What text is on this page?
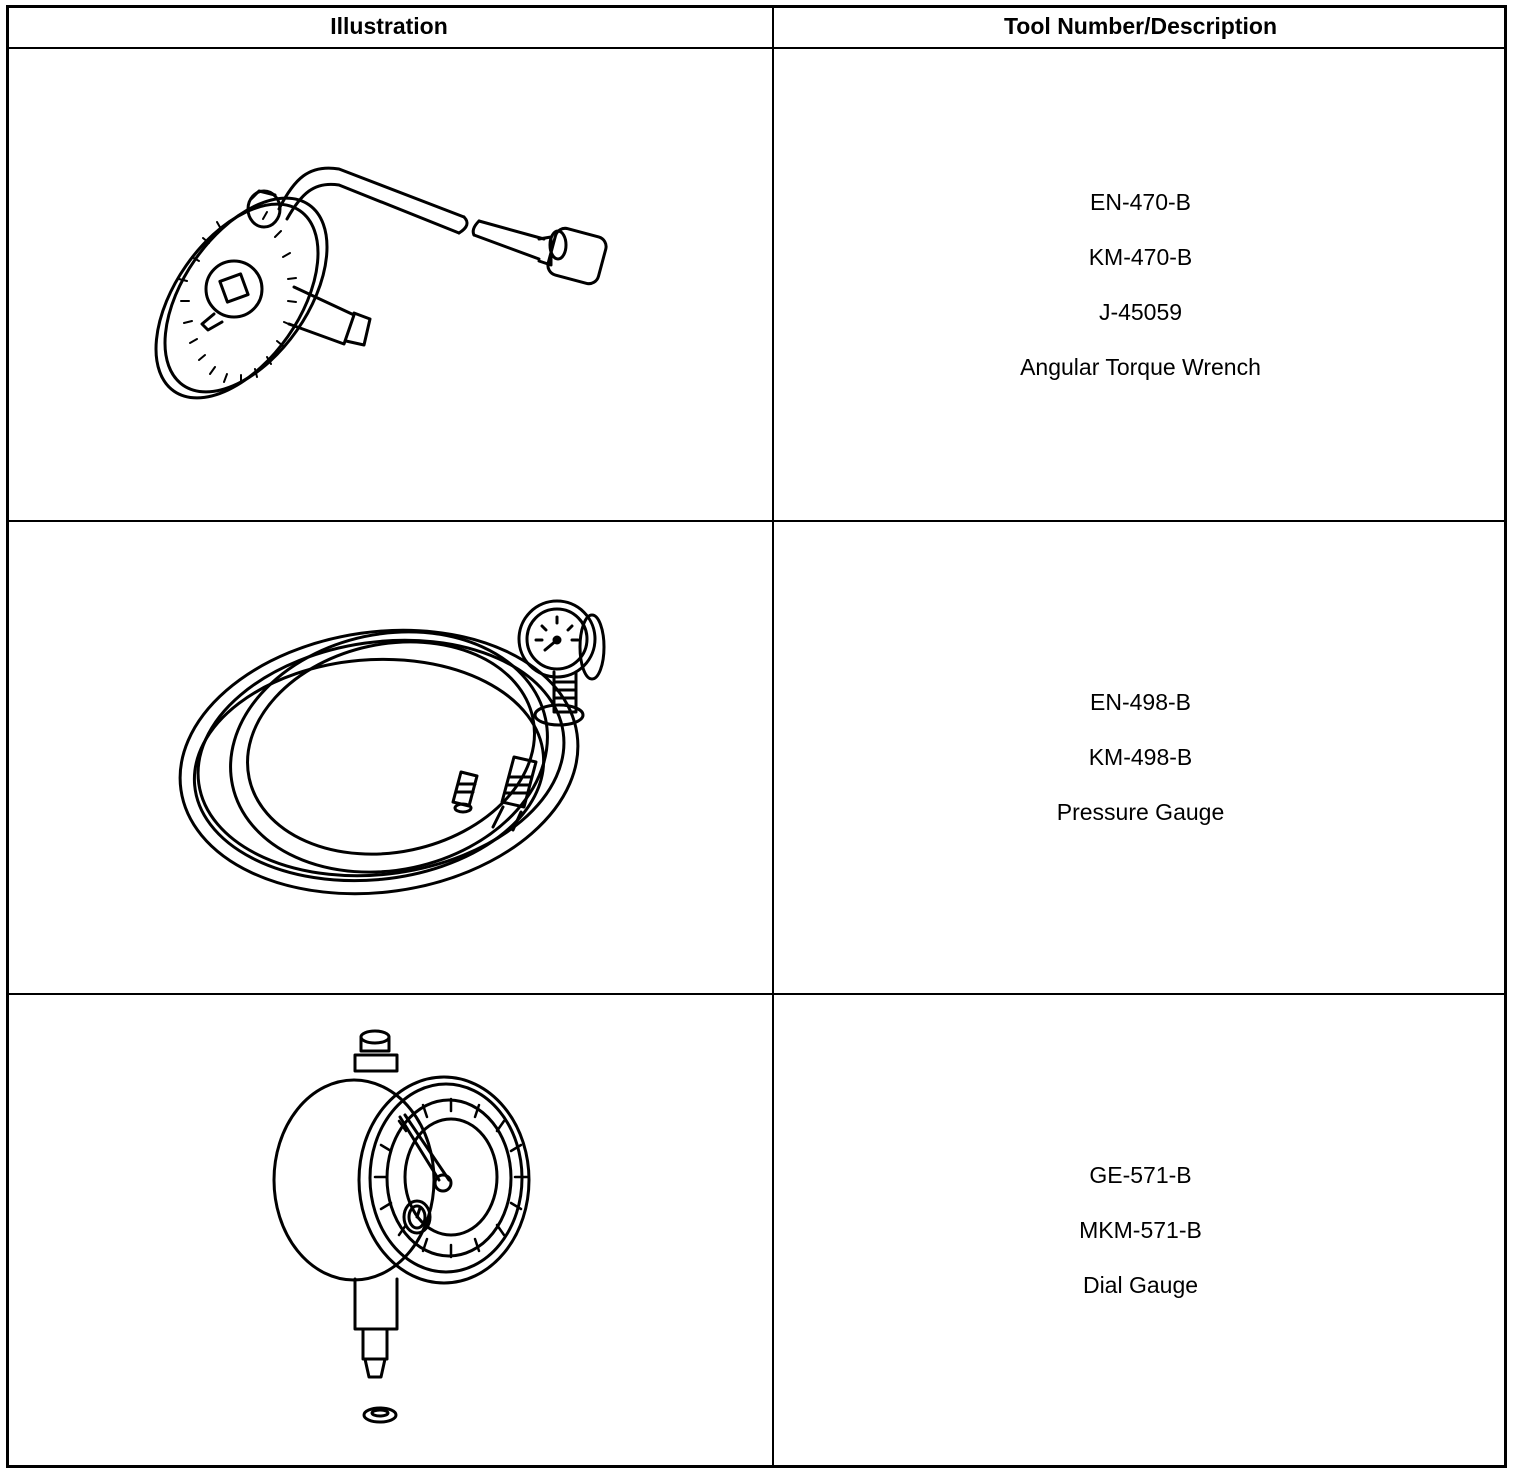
Illustration	Tool Number/Description
EN-470-B
KM-470-B
J-45059
Angular Torque Wrench
EN-498-B
KM-498-B
Pressure Gauge
GE-571-B
MKM-571-B
Dial Gauge
